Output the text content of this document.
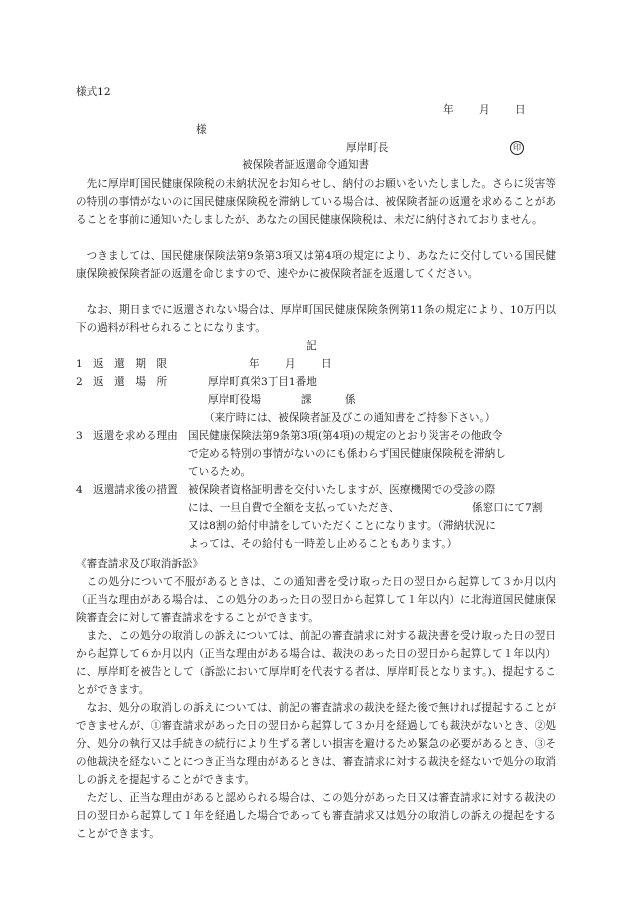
様式12
年 月 日
様
厚岸町長	印
被保険者証返還命令通知書
先に厚岸町国民健康保険税の未納状況をお知らせし、納付のお願いをいたしました。さらに災害等の特別の事情がないのに国民健康保険税を滞納している場合は、被保険者証の返還を求めることがあることを事前に通知いたしましたが、あなたの国民健康保険税は、未だに納付されておりません。
つきましては、国民健康保険法第9条第3項又は第4項の規定により、あなたに交付している国民健康保険被保険者証の返還を命じますので、速やかに被保険者証を返還してください。
なお、期日までに返還されない場合は、厚岸町国民健康保険条例第11条の規定により、10万円以下の過料が科せられることになります。
記
1 返　還　期　限	年 月 日
2 返　還　場　所	厚岸町真栄3丁目1番地
厚岸町役場	課	係
（来庁時には、被保険者証及びこの通知書をご持参下さい。）
3 返還を求める理由 国民健康保険法第9条第3項(第4項)の規定のとおり災害その他政令
で定める特別の事情がないのにも係わらず国民健康保険税を滞納し
ているため。
4 返還請求後の措置 被保険者資格証明書を交付いたしますが、医療機関での受診の際
には、一旦自費で全額を支払っていただき、	係窓口にて7割
又は8割の給付申請をしていただくことになります。（滞納状況に
よっては、その給付も一時差し止めることもあります。）
《審査請求及び取消訴訟》
この処分について不服があるときは、この通知書を受け取った日の翌日から起算して３か月以内（正当な理由がある場合は、この処分のあった日の翌日から起算して１年以内）に北海道国民健康保険審査会に対して審査請求をすることができます。
また、この処分の取消しの訴えについては、前記の審査請求に対する裁決書を受け取った日の翌日から起算して６か月以内（正当な理由がある場合は、裁決のあった日の翌日から起算して１年以内）に、厚岸町を被告として（訴訟において厚岸町を代表する者は、厚岸町長となります。)、提起することができます。
なお、処分の取消しの訴えについては、前記の審査請求の裁決を経た後で無ければ提起することができませんが、①審査請求があった日の翌日から起算して３か月を経過しても裁決がないとき、②処分、処分の執行又は手続きの続行により生ずる著しい損害を避けるため緊急の必要があるとき、③その他裁決を経ないことにつき正当な理由があるときは、審査請求に対する裁決を経ないで処分の取消しの訴えを提起することができます。
ただし、正当な理由があると認められる場合は、この処分があった日又は審査請求に対する裁決の日の翌日から起算して１年を経過した場合であっても審査請求又は処分の取消しの訴えの提起をすることができます。
